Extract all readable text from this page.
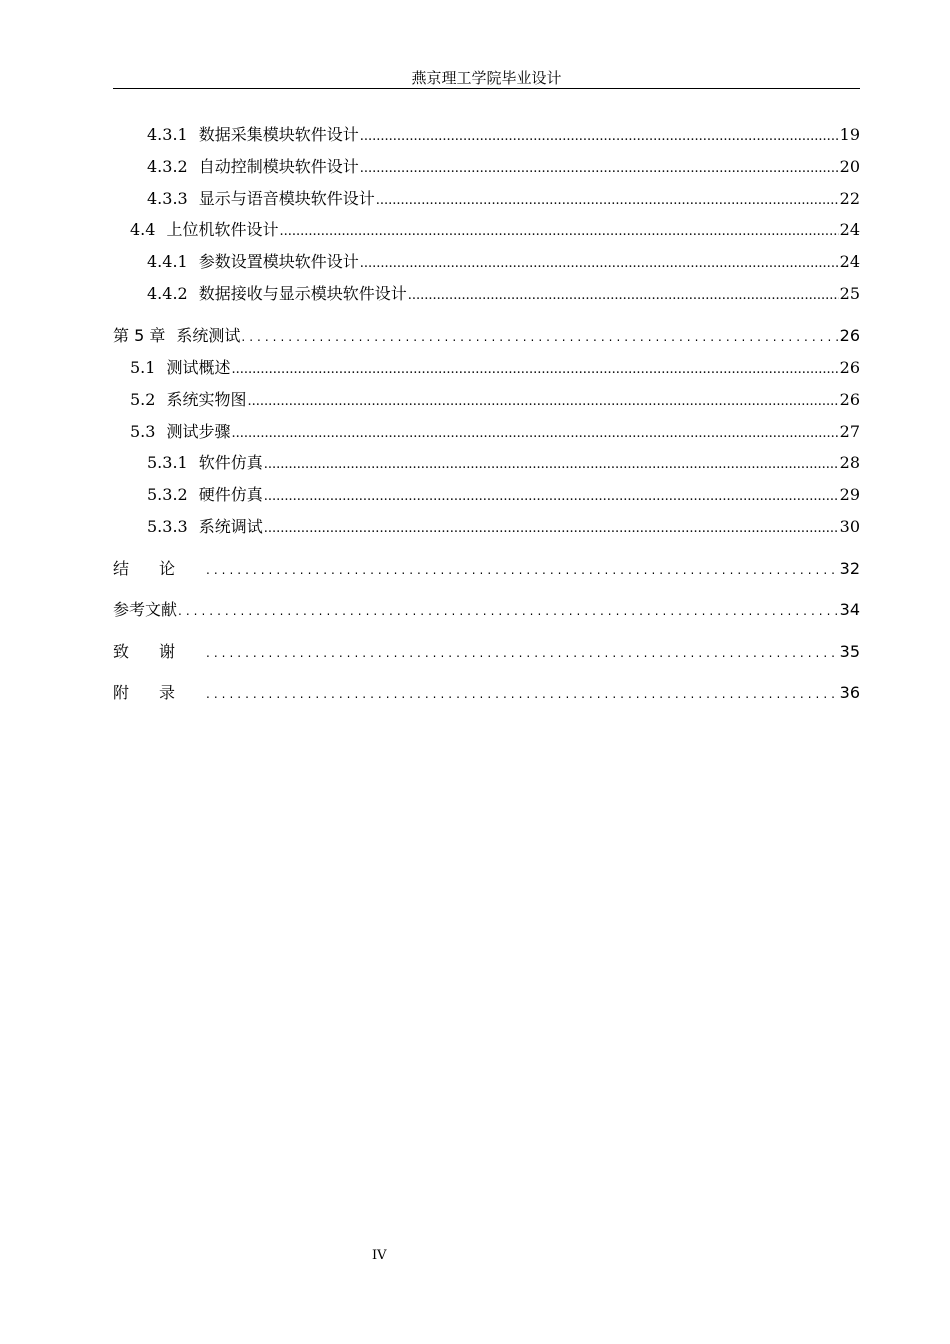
燕京理工学院毕业设计
4.3.1 数据采集模块软件设计 .....	19
4.3.2 自动控制模块软件设计 .....	20
4.3.3 显示与语音模块软件设计 .....	22
4.4 上位机软件设计 .....	24
4.4.1 参数设置模块软件设计 .....	24
4.4.2 数据接收与显示模块软件设计 .....	25
第 5 章 系统测试 .....	26
5.1 测试概述 .....	26
5.2 系统实物图 .....	26
5.3 测试步骤 .....	27
5.3.1 软件仿真 .....	28
5.3.2 硬件仿真 .....	29
5.3.3 系统调试 .....	30
结论 .....	32
参考文献 .....	34
致谢 .....	35
附录 .....	36
IV
